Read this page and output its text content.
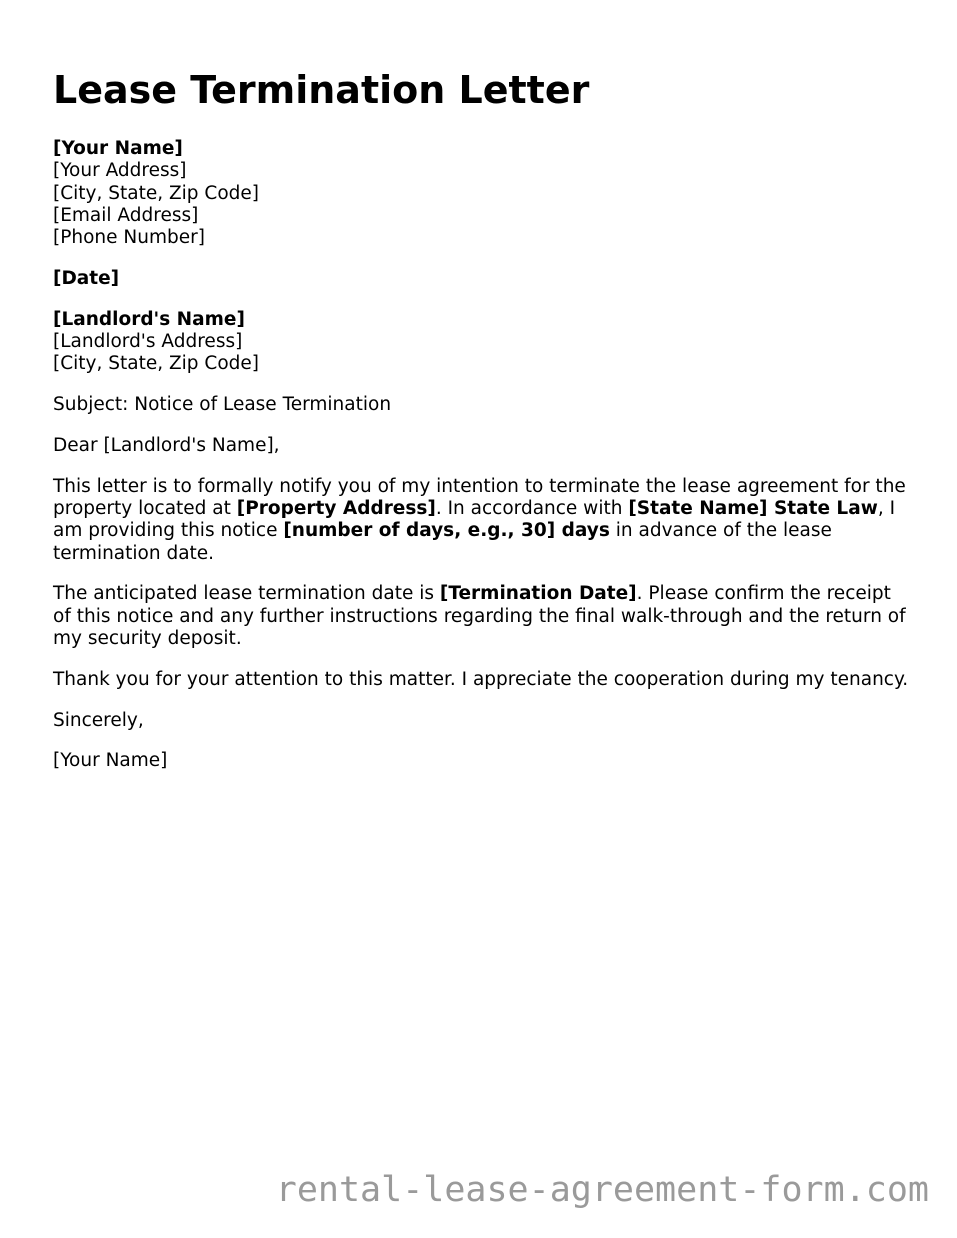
Lease Termination Letter
[Your Name]
[Your Address]
[City, State, Zip Code]
[Email Address]
[Phone Number]
[Date]
[Landlord's Name]
[Landlord's Address]
[City, State, Zip Code]
Subject: Notice of Lease Termination
Dear [Landlord's Name],

This letter is to formally notify you of my intention to terminate the lease agreement for the property located at [Property Address]. In accordance with [State Name] State Law, I am providing this notice [number of days, e.g., 30] days in advance of the lease termination date.

The anticipated lease termination date is [Termination Date]. Please confirm the receipt of this notice and any further instructions regarding the final walk-through and the return of my security deposit.

Thank you for your attention to this matter. I appreciate the cooperation during my tenancy.

Sincerely,
[Your Name]
rental-lease-agreement-form.com
